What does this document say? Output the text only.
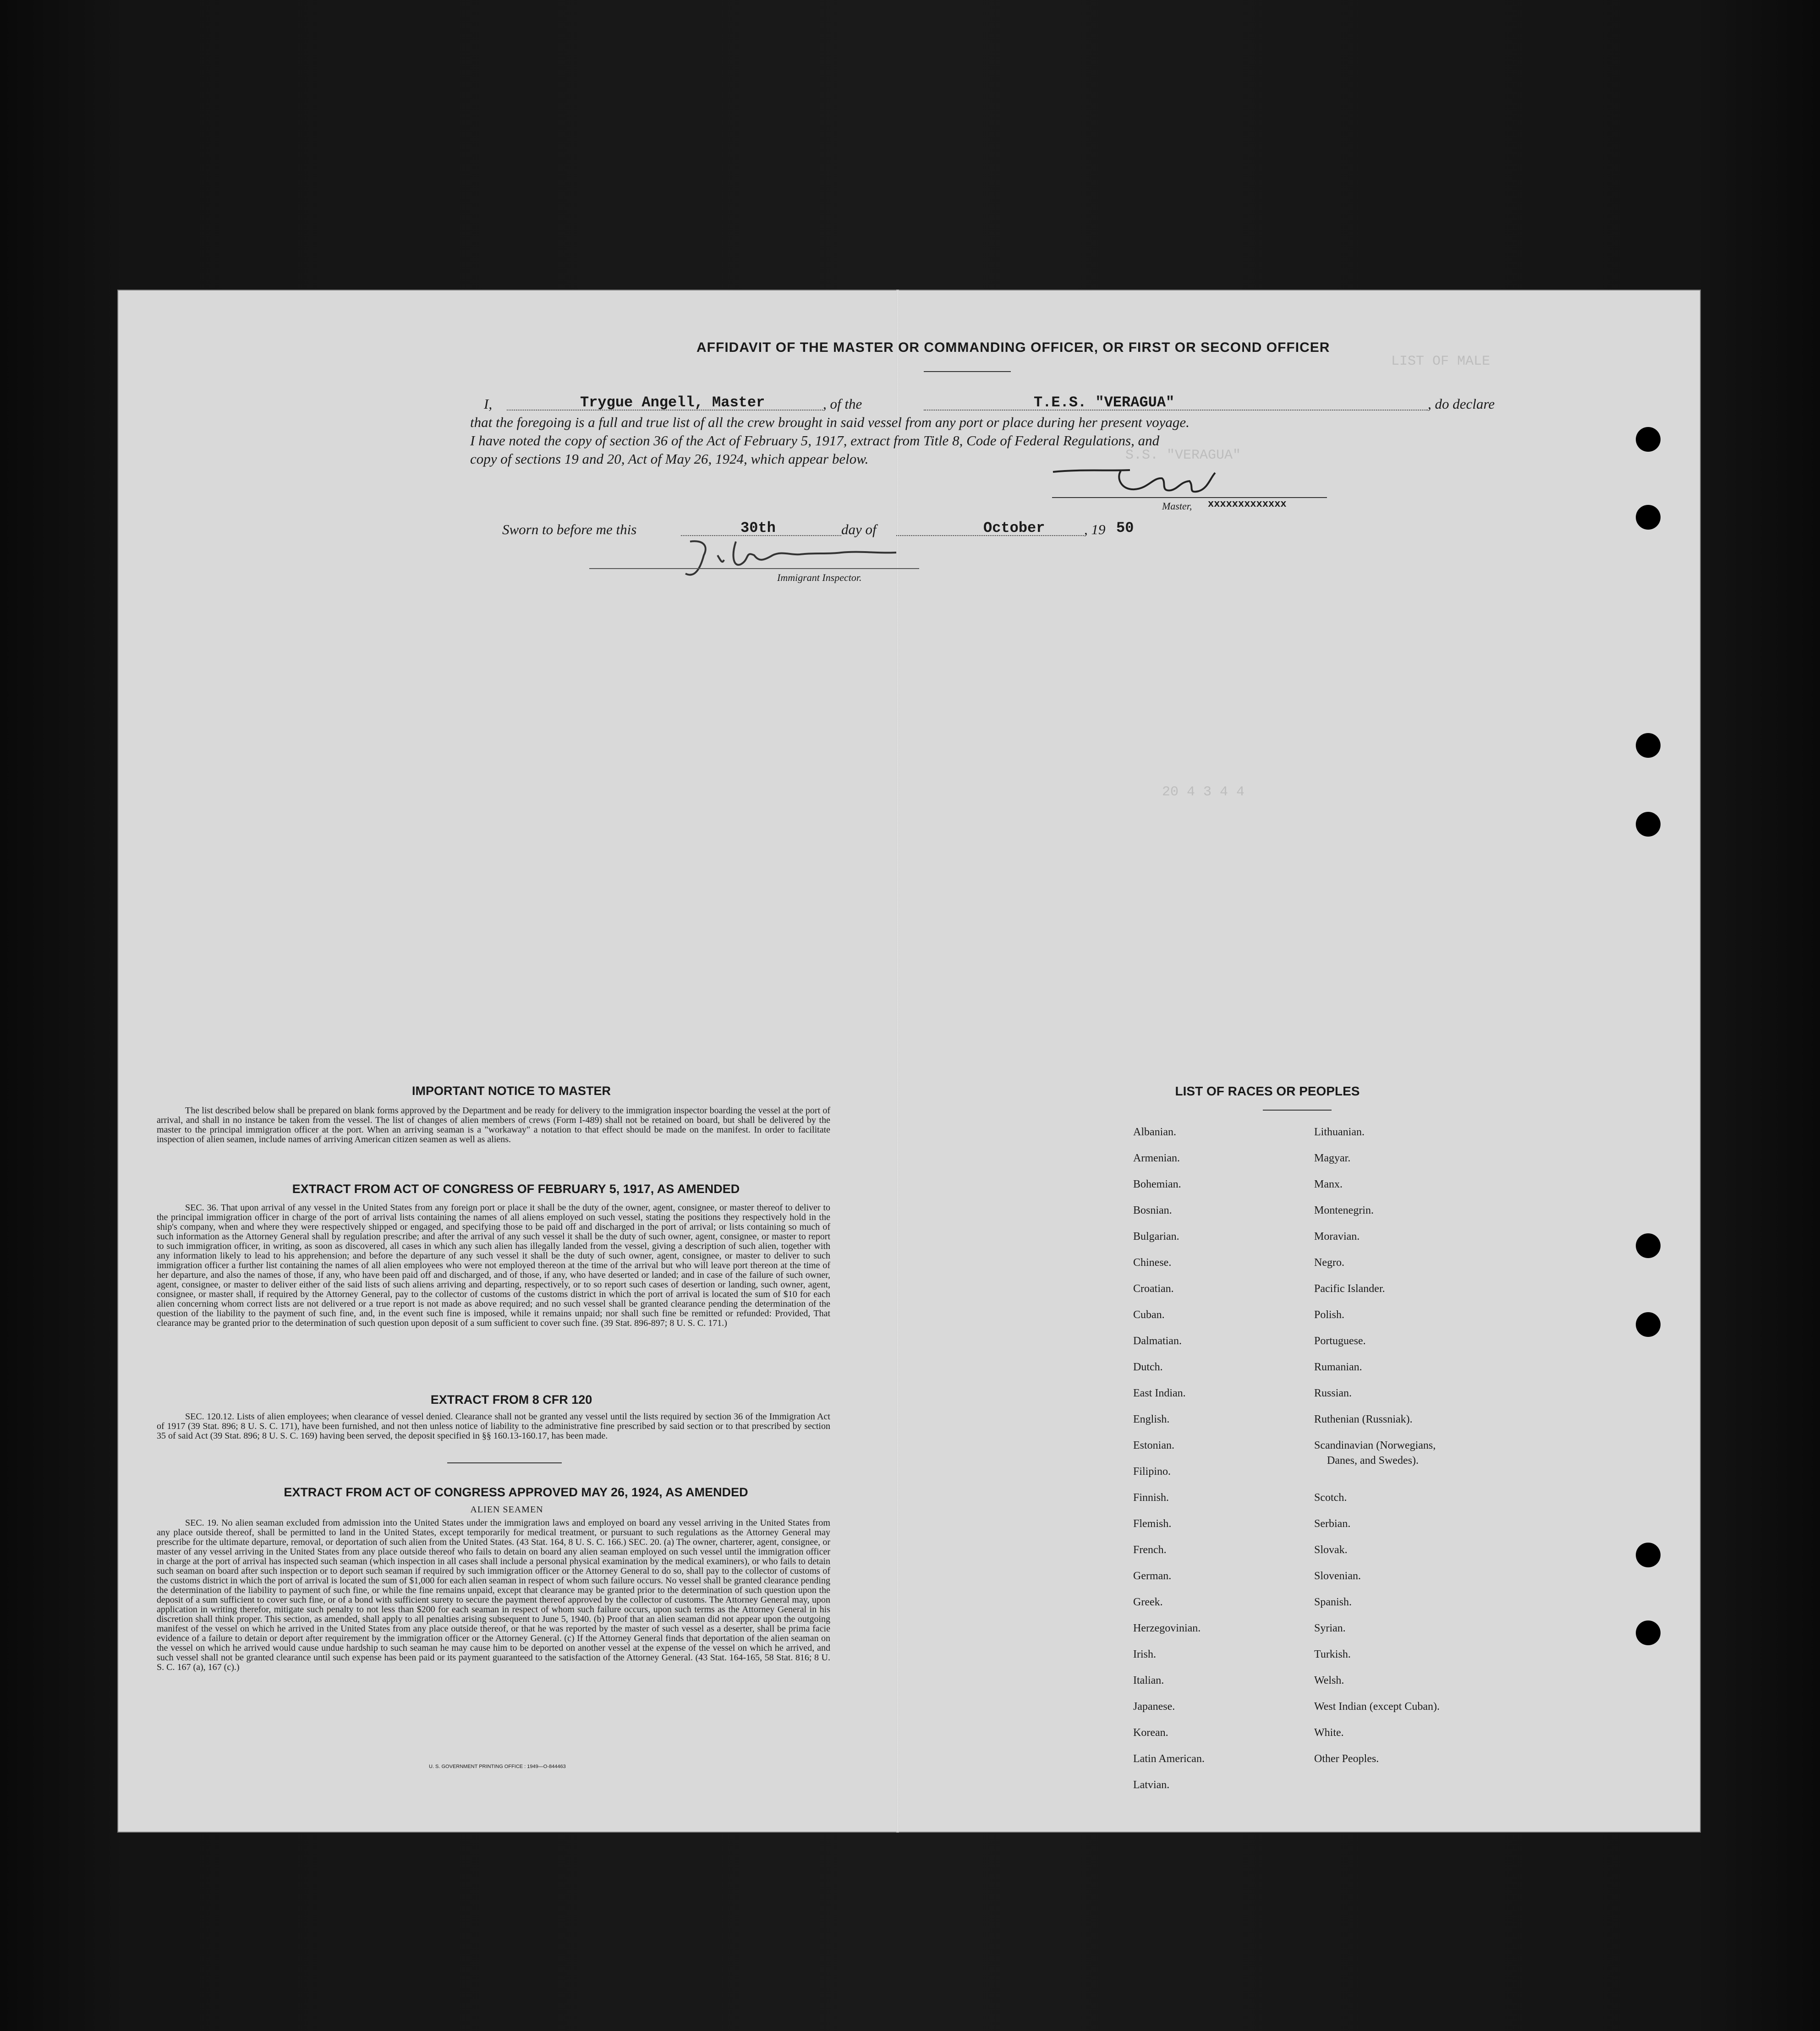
LIST OF MALE
S.S. "VERAGUA"
20 4 3 4 4
AFFIDAVIT OF THE MASTER OR COMMANDING OFFICER, OR FIRST OR SECOND OFFICER
I,	Trygue Angell, Master	, of the	T.E.S. "VERAGUA"	, do declare
that the foregoing is a full and true list of all the crew brought in said vessel from any port or place during her present voyage.
I have noted the copy of section 36 of the Act of February 5, 1917, extract from Title 8, Code of Federal Regulations, and
copy of sections 19 and 20, Act of May 26, 1924, which appear below.
Master, xxxxxxxxxxxxx
Sworn to before me this	30th	day of	October	, 19 50
Immigrant Inspector.
IMPORTANT NOTICE TO MASTER
The list described below shall be prepared on blank forms approved by the Department and be ready for delivery to the immigration inspector boarding the vessel at the port of arrival, and shall in no instance be taken from the vessel. The list of changes of alien members of crews (Form I-489) shall not be retained on board, but shall be delivered by the master to the principal immigration officer at the port. When an arriving seaman is a "workaway" a notation to that effect should be made on the manifest. In order to facilitate inspection of alien seamen, include names of arriving American citizen seamen as well as aliens.
EXTRACT FROM ACT OF CONGRESS OF FEBRUARY 5, 1917, AS AMENDED
SEC. 36. That upon arrival of any vessel in the United States from any foreign port or place it shall be the duty of the owner, agent, consignee, or master thereof to deliver to the principal immigration officer in charge of the port of arrival lists containing the names of all aliens employed on such vessel, stating the positions they respectively hold in the ship's company, when and where they were respectively shipped or engaged, and specifying those to be paid off and discharged in the port of arrival; or lists containing so much of such information as the Attorney General shall by regulation prescribe; and after the arrival of any such vessel it shall be the duty of such owner, agent, consignee, or master to report to such immigration officer, in writing, as soon as discovered, all cases in which any such alien has illegally landed from the vessel, giving a description of such alien, together with any information likely to lead to his apprehension; and before the departure of any such vessel it shall be the duty of such owner, agent, consignee, or master to deliver to such immigration officer a further list containing the names of all alien employees who were not employed thereon at the time of the arrival but who will leave port thereon at the time of her departure, and also the names of those, if any, who have been paid off and discharged, and of those, if any, who have deserted or landed; and in case of the failure of such owner, agent, consignee, or master to deliver either of the said lists of such aliens arriving and departing, respectively, or to so report such cases of desertion or landing, such owner, agent, consignee, or master shall, if required by the Attorney General, pay to the collector of customs of the customs district in which the port of arrival is located the sum of $10 for each alien concerning whom correct lists are not delivered or a true report is not made as above required; and no such vessel shall be granted clearance pending the determination of the question of the liability to the payment of such fine, and, in the event such fine is imposed, while it remains unpaid; nor shall such fine be remitted or refunded: Provided, That clearance may be granted prior to the determination of such question upon deposit of a sum sufficient to cover such fine. (39 Stat. 896-897; 8 U. S. C. 171.)
EXTRACT FROM 8 CFR 120
SEC. 120.12. Lists of alien employees; when clearance of vessel denied. Clearance shall not be granted any vessel until the lists required by section 36 of the Immigration Act of 1917 (39 Stat. 896; 8 U. S. C. 171), have been furnished, and not then unless notice of liability to the administrative fine prescribed by said section or to that prescribed by section 35 of said Act (39 Stat. 896; 8 U. S. C. 169) having been served, the deposit specified in §§ 160.13-160.17, has been made.
EXTRACT FROM ACT OF CONGRESS APPROVED MAY 26, 1924, AS AMENDED
ALIEN SEAMEN
SEC. 19. No alien seaman excluded from admission into the United States under the immigration laws and employed on board any vessel arriving in the United States from any place outside thereof, shall be permitted to land in the United States, except temporarily for medical treatment, or pursuant to such regulations as the Attorney General may prescribe for the ultimate departure, removal, or deportation of such alien from the United States. (43 Stat. 164, 8 U. S. C. 166.) SEC. 20. (a) The owner, charterer, agent, consignee, or master of any vessel arriving in the United States from any place outside thereof who fails to detain on board any alien seaman employed on such vessel until the immigration officer in charge at the port of arrival has inspected such seaman (which inspection in all cases shall include a personal physical examination by the medical examiners), or who fails to detain such seaman on board after such inspection or to deport such seaman if required by such immigration officer or the Attorney General to do so, shall pay to the collector of customs of the customs district in which the port of arrival is located the sum of $1,000 for each alien seaman in respect of whom such failure occurs. No vessel shall be granted clearance pending the determination of the liability to payment of such fine, or while the fine remains unpaid, except that clearance may be granted prior to the determination of such question upon the deposit of a sum sufficient to cover such fine, or of a bond with sufficient surety to secure the payment thereof approved by the collector of customs. The Attorney General may, upon application in writing therefor, mitigate such penalty to not less than $200 for each seaman in respect of whom such failure occurs, upon such terms as the Attorney General in his discretion shall think proper. This section, as amended, shall apply to all penalties arising subsequent to June 5, 1940. (b) Proof that an alien seaman did not appear upon the outgoing manifest of the vessel on which he arrived in the United States from any place outside thereof, or that he was reported by the master of such vessel as a deserter, shall be prima facie evidence of a failure to detain or deport after requirement by the immigration officer or the Attorney General. (c) If the Attorney General finds that deportation of the alien seaman on the vessel on which he arrived would cause undue hardship to such seaman he may cause him to be deported on another vessel at the expense of the vessel on which he arrived, and such vessel shall not be granted clearance until such expense has been paid or its payment guaranteed to the satisfaction of the Attorney General. (43 Stat. 164-165, 58 Stat. 816; 8 U. S. C. 167 (a), 167 (c).)
U. S. GOVERNMENT PRINTING OFFICE : 1949—O-844463
LIST OF RACES OR PEOPLES
Albanian.
Armenian.
Bohemian.
Bosnian.
Bulgarian.
Chinese.
Croatian.
Cuban.
Dalmatian.
Dutch.
East Indian.
English.
Estonian.
Filipino.
Finnish.
Flemish.
French.
German.
Greek.
Herzegovinian.
Irish.
Italian.
Japanese.
Korean.
Latin American.
Latvian.
Lithuanian.
Magyar.
Manx.
Montenegrin.
Moravian.
Negro.
Pacific Islander.
Polish.
Portuguese.
Rumanian.
Russian.
Ruthenian (Russniak).
Scandinavian (Norwegians,
Danes, and Swedes).
Scotch.
Serbian.
Slovak.
Slovenian.
Spanish.
Syrian.
Turkish.
Welsh.
West Indian (except Cuban).
White.
Other Peoples.
